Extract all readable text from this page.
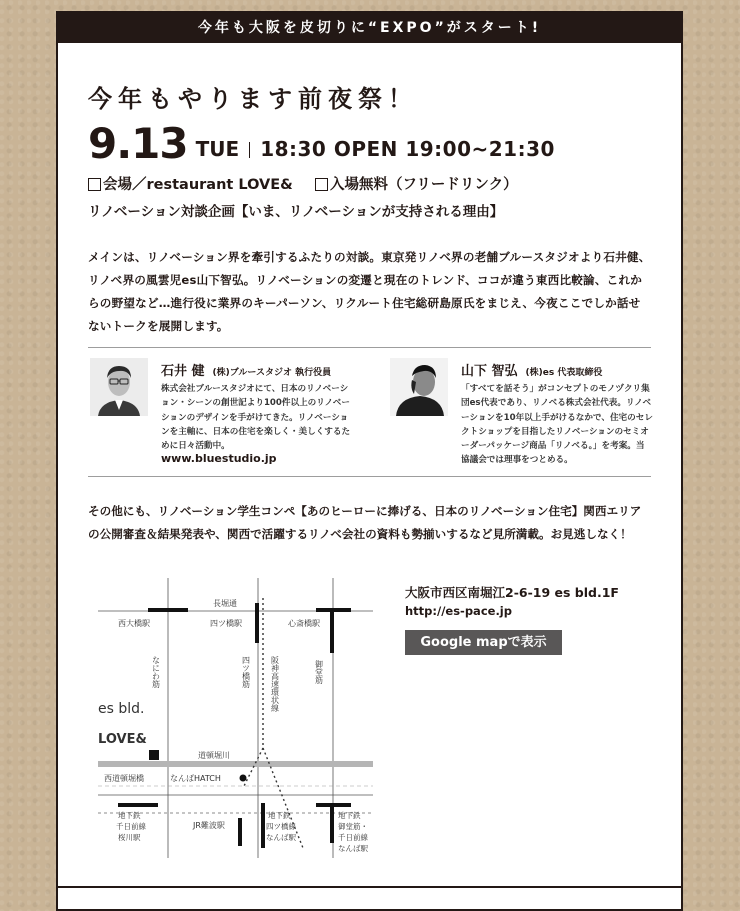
今年も大阪を皮切りに“EXPO”がスタート!
今年もやります前夜祭！
9.13 TUE 18:30 OPEN 19:00~21:30
会場／restaurant LOVE&	入場無料（フリードリンク）
リノベーション対談企画【いま、リノベーションが支持される理由】
メインは、リノベーション界を牽引するふたりの対談。東京発リノベ界の老舗ブルースタジオより石井健、リノベ界の風雲児es山下智弘。リノベーションの変遷と現在のトレンド、ココが違う東西比較論、これからの野望など…進行役に業界のキーパーソン、リクルート住宅総研島原氏をまじえ、今夜ここでしか話せないトークを展開します。
石井 健 (株)ブルースタジオ 執行役員
株式会社ブルースタジオにて、日本のリノベーション・シーンの創世記より100件以上のリノベーションのデザインを手がけてきた。リノベーションを主軸に、日本の住宅を楽しく・美しくするために日々活動中。
www.bluestudio.jp
山下 智弘 (株)es 代表取締役
「すべてを話そう」がコンセプトのモノヅクリ集団es代表であり、リノベる株式会社代表。リノベーションを10年以上手がけるなかで、住宅のセレクトショップを目指したリノベーションのセミオーダーパッケージ商品「リノベる。」を考案。当協議会では理事をつとめる。
その他にも、リノベーション学生コンペ【あのヒーローに捧げる、日本のリノベーション住宅】関西エリアの公開審査＆結果発表や、関西で活躍するリノベ会社の資料も勢揃いするなど見所満載。お見逃しなく！
長堀通
西大橋駅	四ツ橋駅	心斎橋駅
道頓堀川
西道頓堀橋	なんばHATCH
JR難波駅
es bld.
LOVE&
なにわ筋	四ツ橋筋	阪神高速環状線	御堂筋
地下鉄
千日前線
桜川駅
地下鉄
四ツ橋線
なんば駅
地下鉄
御堂筋・
千日前線
なんば駅
大阪市西区南堀江2-6-19 es bld.1F
http://es-pace.jp
Google mapで表示
